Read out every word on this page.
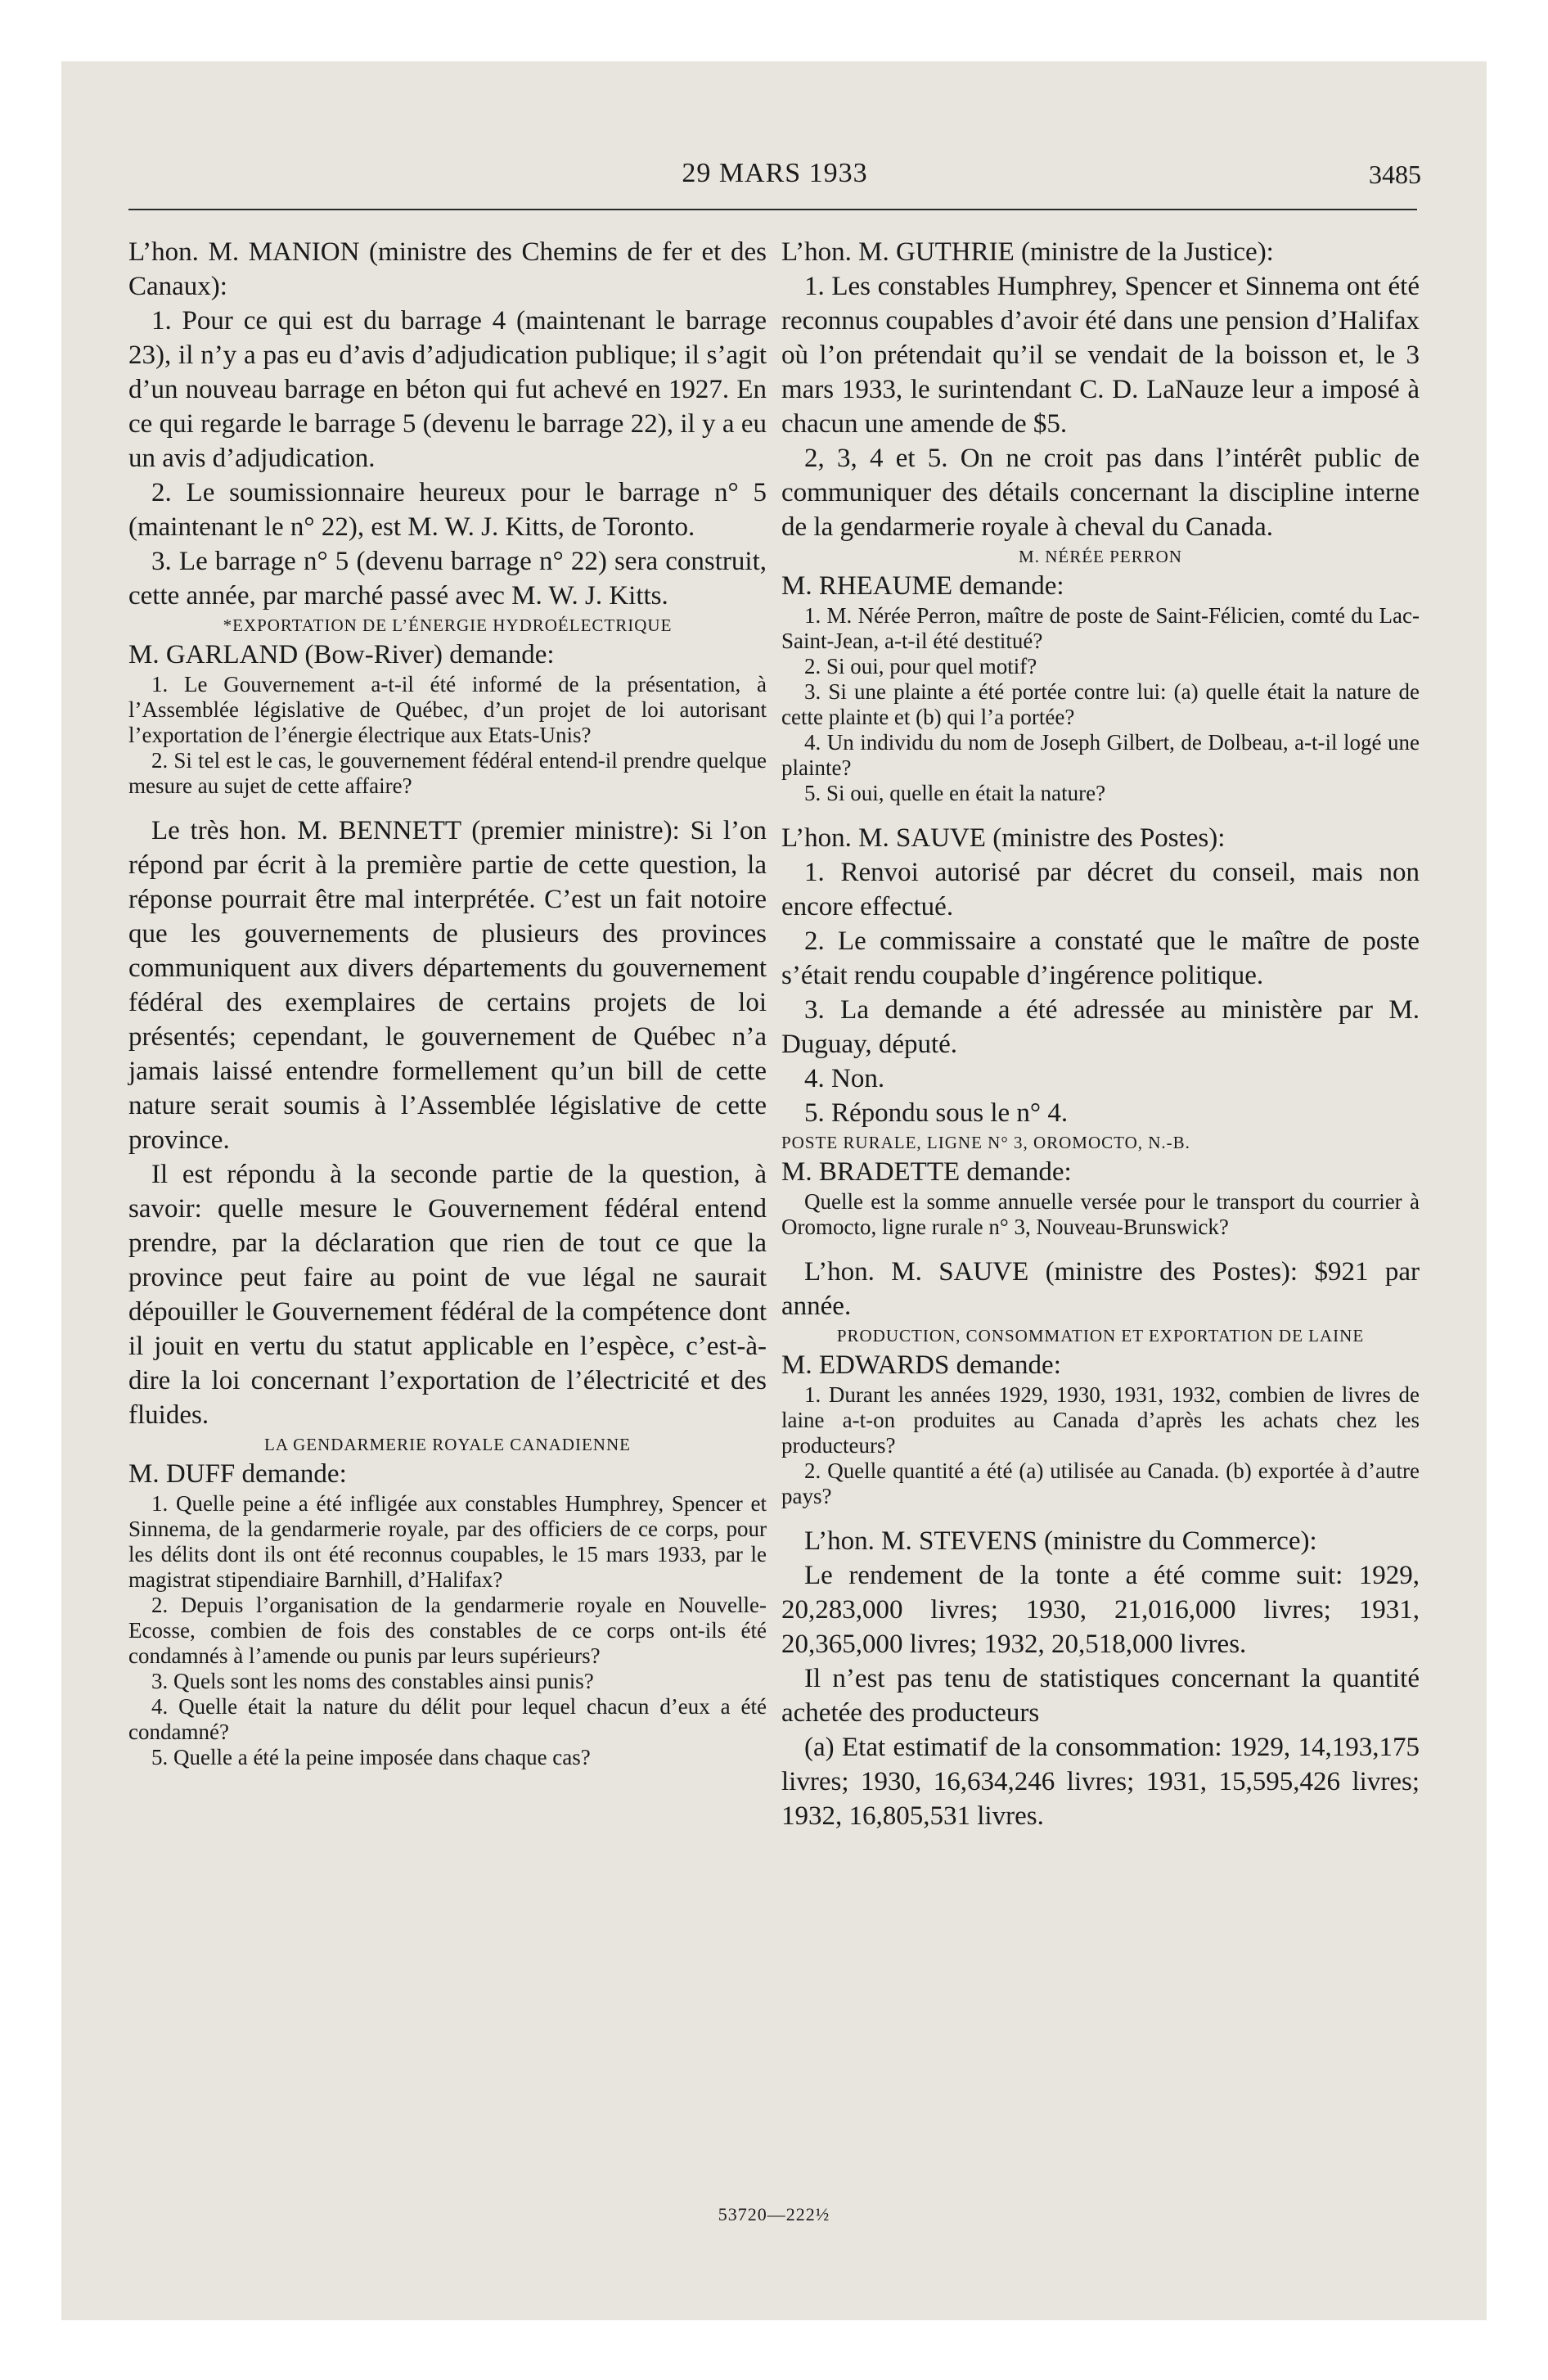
29 MARS 1933	3485

L’hon. M. MANION (ministre des Chemins de fer et des Canaux):

1. Pour ce qui est du barrage 4 (maintenant le barrage 23), il n’y a pas eu d’avis d’adjudication publique; il s’agit d’un nouveau barrage en béton qui fut achevé en 1927. En ce qui regarde le barrage 5 (devenu le barrage 22), il y a eu un avis d’adjudication.

2. Le soumissionnaire heureux pour le barrage n° 5 (maintenant le n° 22), est M. W. J. Kitts, de Toronto.

3. Le barrage n° 5 (devenu barrage n° 22) sera construit, cette année, par marché passé avec M. W. J. Kitts.

*EXPORTATION DE L’ÉNERGIE HYDROÉLECTRIQUE

M. GARLAND (Bow-River) demande:

1. Le Gouvernement a-t-il été informé de la présentation, à l’Assemblée législative de Québec, d’un projet de loi autorisant l’exportation de l’énergie électrique aux Etats-Unis?

2. Si tel est le cas, le gouvernement fédéral entend-il prendre quelque mesure au sujet de cette affaire?

Le très hon. M. BENNETT (premier ministre): Si l’on répond par écrit à la première partie de cette question, la réponse pourrait être mal interprétée. C’est un fait notoire que les gouvernements de plusieurs des provinces communiquent aux divers départements du gouvernement fédéral des exemplaires de certains projets de loi présentés; cependant, le gouvernement de Québec n’a jamais laissé entendre formellement qu’un bill de cette nature serait soumis à l’Assemblée législative de cette province.

Il est répondu à la seconde partie de la question, à savoir: quelle mesure le Gouvernement fédéral entend prendre, par la déclaration que rien de tout ce que la province peut faire au point de vue légal ne saurait dépouiller le Gouvernement fédéral de la compétence dont il jouit en vertu du statut applicable en l’espèce, c’est-à-dire la loi concernant l’exportation de l’électricité et des fluides.

LA GENDARMERIE ROYALE CANADIENNE

M. DUFF demande:

1. Quelle peine a été infligée aux constables Humphrey, Spencer et Sinnema, de la gendarmerie royale, par des officiers de ce corps, pour les délits dont ils ont été reconnus coupables, le 15 mars 1933, par le magistrat stipendiaire Barnhill, d’Halifax?

2. Depuis l’organisation de la gendarmerie royale en Nouvelle-Ecosse, combien de fois des constables de ce corps ont-ils été condamnés à l’amende ou punis par leurs supérieurs?

3. Quels sont les noms des constables ainsi punis?

4. Quelle était la nature du délit pour lequel chacun d’eux a été condamné?

5. Quelle a été la peine imposée dans chaque cas?

L’hon. M. GUTHRIE (ministre de la Justice):

1. Les constables Humphrey, Spencer et Sinnema ont été reconnus coupables d’avoir été dans une pension d’Halifax où l’on prétendait qu’il se vendait de la boisson et, le 3 mars 1933, le surintendant C. D. LaNauze leur a imposé à chacun une amende de $5.

2, 3, 4 et 5. On ne croit pas dans l’intérêt public de communiquer des détails concernant la discipline interne de la gendarmerie royale à cheval du Canada.

M. NÉRÉE PERRON

M. RHEAUME demande:

1. M. Nérée Perron, maître de poste de Saint-Félicien, comté du Lac-Saint-Jean, a-t-il été destitué?

2. Si oui, pour quel motif?

3. Si une plainte a été portée contre lui: (a) quelle était la nature de cette plainte et (b) qui l’a portée?

4. Un individu du nom de Joseph Gilbert, de Dolbeau, a-t-il logé une plainte?

5. Si oui, quelle en était la nature?

L’hon. M. SAUVE (ministre des Postes):

1. Renvoi autorisé par décret du conseil, mais non encore effectué.

2. Le commissaire a constaté que le maître de poste s’était rendu coupable d’ingérence politique.

3. La demande a été adressée au ministère par M. Duguay, député.

4. Non.

5. Répondu sous le n° 4.

POSTE RURALE, LIGNE N° 3, OROMOCTO, N.-B.

M. BRADETTE demande:

Quelle est la somme annuelle versée pour le transport du courrier à Oromocto, ligne rurale n° 3, Nouveau-Brunswick?

L’hon. M. SAUVE (ministre des Postes): $921 par année.

PRODUCTION, CONSOMMATION ET EXPORTATION DE LAINE

M. EDWARDS demande:

1. Durant les années 1929, 1930, 1931, 1932, combien de livres de laine a-t-on produites au Canada d’après les achats chez les producteurs?

2. Quelle quantité a été (a) utilisée au Canada. (b) exportée à d’autre pays?

L’hon. M. STEVENS (ministre du Commerce):

Le rendement de la tonte a été comme suit: 1929, 20,283,000 livres; 1930, 21,016,000 livres; 1931, 20,365,000 livres; 1932, 20,518,000 livres.

Il n’est pas tenu de statistiques concernant la quantité achetée des producteurs

(a) Etat estimatif de la consommation: 1929, 14,193,175 livres; 1930, 16,634,246 livres; 1931, 15,595,426 livres; 1932, 16,805,531 livres.

53720—222½
